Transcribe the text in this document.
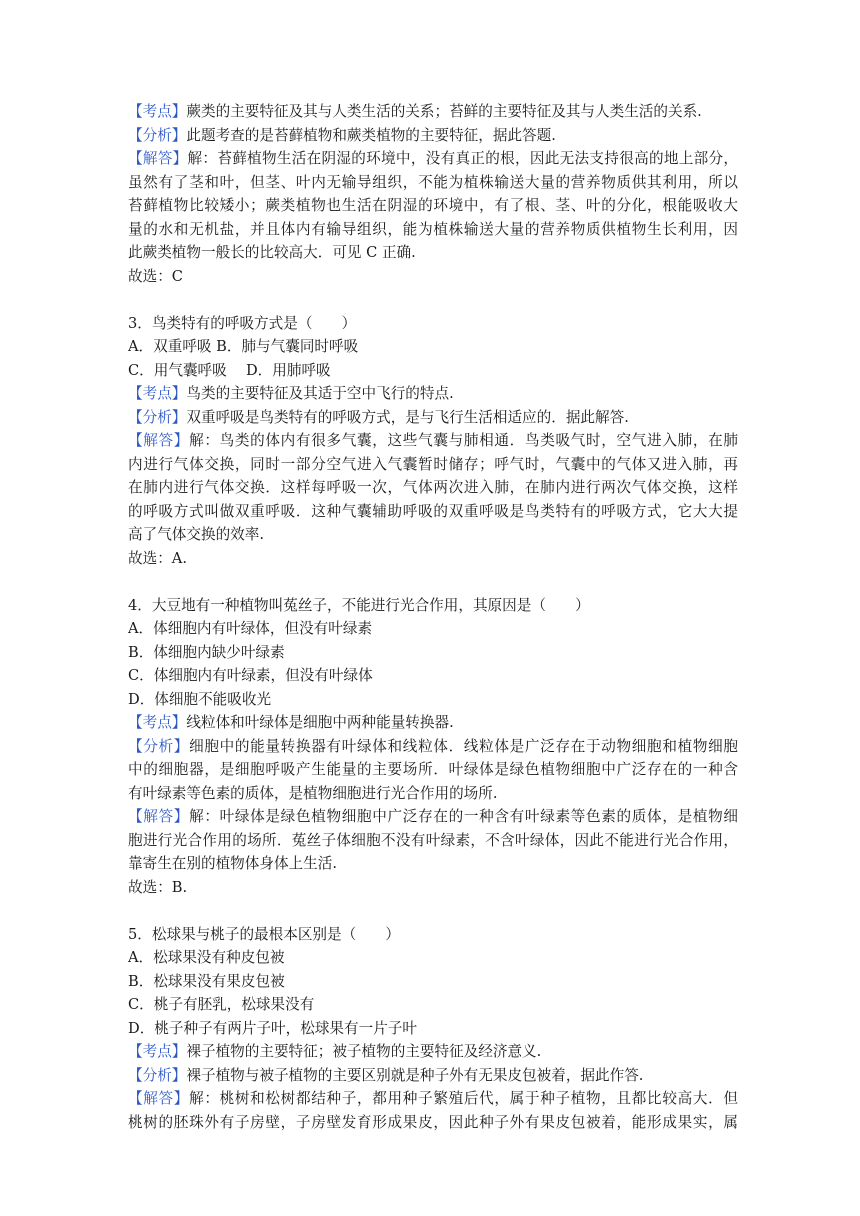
【考点】蕨类的主要特征及其与人类生活的关系；苔鲜的主要特征及其与人类生活的关系.
【分析】此题考查的是苔藓植物和蕨类植物的主要特征，据此答题.
【解答】解：苔藓植物生活在阴湿的环境中，没有真正的根，因此无法支持很高的地上部分，
虽然有了茎和叶，但茎、叶内无输导组织，不能为植株输送大量的营养物质供其利用，所以
苔藓植物比较矮小；蕨类植物也生活在阴湿的环境中，有了根、茎、叶的分化，根能吸收大
量的水和无机盐，并且体内有输导组织，能为植株输送大量的营养物质供植物生长利用，因
此蕨类植物一般长的比较高大．可见 C 正确.
故选：C
3．鸟类特有的呼吸方式是（　　）
A．双重呼吸 B．肺与气囊同时呼吸
C．用气囊呼吸　 D．用肺呼吸
【考点】鸟类的主要特征及其适于空中飞行的特点.
【分析】双重呼吸是鸟类特有的呼吸方式，是与飞行生活相适应的．据此解答.
【解答】解：鸟类的体内有很多气囊，这些气囊与肺相通．鸟类吸气时，空气进入肺，在肺
内进行气体交换，同时一部分空气进入气囊暂时储存；呼气时，气囊中的气体又进入肺，再
在肺内进行气体交换．这样每呼吸一次，气体两次进入肺，在肺内进行两次气体交换，这样
的呼吸方式叫做双重呼吸．这种气囊辅助呼吸的双重呼吸是鸟类特有的呼吸方式，它大大提
高了气体交换的效率.
故选：A.
4．大豆地有一种植物叫菟丝子，不能进行光合作用，其原因是（　　）
A．体细胞内有叶绿体，但没有叶绿素
B．体细胞内缺少叶绿素
C．体细胞内有叶绿素，但没有叶绿体
D．体细胞不能吸收光
【考点】线粒体和叶绿体是细胞中两种能量转换器.
【分析】细胞中的能量转换器有叶绿体和线粒体．线粒体是广泛存在于动物细胞和植物细胞
中的细胞器，是细胞呼吸产生能量的主要场所．叶绿体是绿色植物细胞中广泛存在的一种含
有叶绿素等色素的质体，是植物细胞进行光合作用的场所.
【解答】解：叶绿体是绿色植物细胞中广泛存在的一种含有叶绿素等色素的质体，是植物细
胞进行光合作用的场所．菟丝子体细胞不没有叶绿素，不含叶绿体，因此不能进行光合作用，
靠寄生在别的植物体身体上生活.
故选：B.
5．松球果与桃子的最根本区别是（　　）
A．松球果没有种皮包被
B．松球果没有果皮包被
C．桃子有胚乳，松球果没有
D．桃子种子有两片子叶，松球果有一片子叶
【考点】裸子植物的主要特征；被子植物的主要特征及经济意义.
【分析】裸子植物与被子植物的主要区别就是种子外有无果皮包被着，据此作答.
【解答】解：桃树和松树都结种子，都用种子繁殖后代，属于种子植物，且都比较高大．但
桃树的胚珠外有子房壁，子房壁发育形成果皮，因此种子外有果皮包被着，能形成果实，属
